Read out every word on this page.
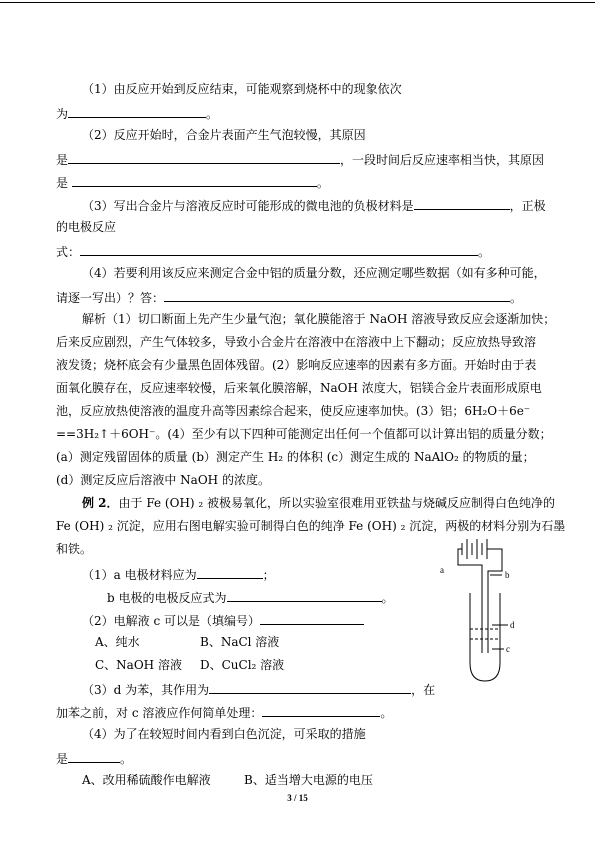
（1）由反应开始到反应结束，可能观察到烧杯中的现象依次
为	。
（2）反应开始时，合金片表面产生气泡较慢，其原因
是	，一段时间后反应速率相当快，其原因
是	。
（3）写出合金片与溶液反应时可能形成的微电池的负极材料是	，正极
的电极反应
式：	。
（4）若要利用该反应来测定合金中铝的质量分数，还应测定哪些数据（如有多种可能，
请逐一写出）？答：	。
解析（1）切口断面上先产生少量气泡；氧化膜能溶于 NaOH 溶液导致反应会逐渐加快；
后来反应剧烈，产生气体较多，导致小合金片在溶液中在溶液中上下翻动；反应放热导致溶
液发烫；烧杯底会有少量黑色固体残留。(2）影响反应速率的因素有多方面。开始时由于表
面氧化膜存在，反应速率较慢，后来氧化膜溶解，NaOH 浓度大，铝镁合金片表面形成原电
池，反应放热使溶液的温度升高等因素综合起来，使反应速率加快。(3）铝；6H₂O＋6e⁻
==3H₂↑＋6OH⁻。(4）至少有以下四种可能测定出任何一个值都可以计算出铝的质量分数；
(a）测定残留固体的质量 (b）测定产生 H₂ 的体积 (c）测定生成的 NaAlO₂ 的物质的量；
(d）测定反应后溶液中 NaOH 的浓度。
例 2．由于 Fe (OH) ₂ 被极易氧化，所以实验室很难用亚铁盐与烧碱反应制得白色纯净的
Fe (OH) ₂ 沉淀，应用右图电解实验可制得白色的纯净 Fe (OH) ₂ 沉淀，两极的材料分别为石墨
和铁。
（1）a 电极材料应为	；
b 电极的电极反应式为	。
（2）电解液 c 可以是（填编号）
A、纯水	B、NaCl 溶液
C、NaOH 溶液 D、CuCl₂ 溶液
（3）d 为苯，其作用为	，在
加苯之前，对 c 溶液应作何简单处理：	。
（4）为了在较短时间内看到白色沉淀，可采取的措施
是	。
A、改用稀硫酸作电解液	B、适当增大电源的电压
a	b
d
c
3 / 15
